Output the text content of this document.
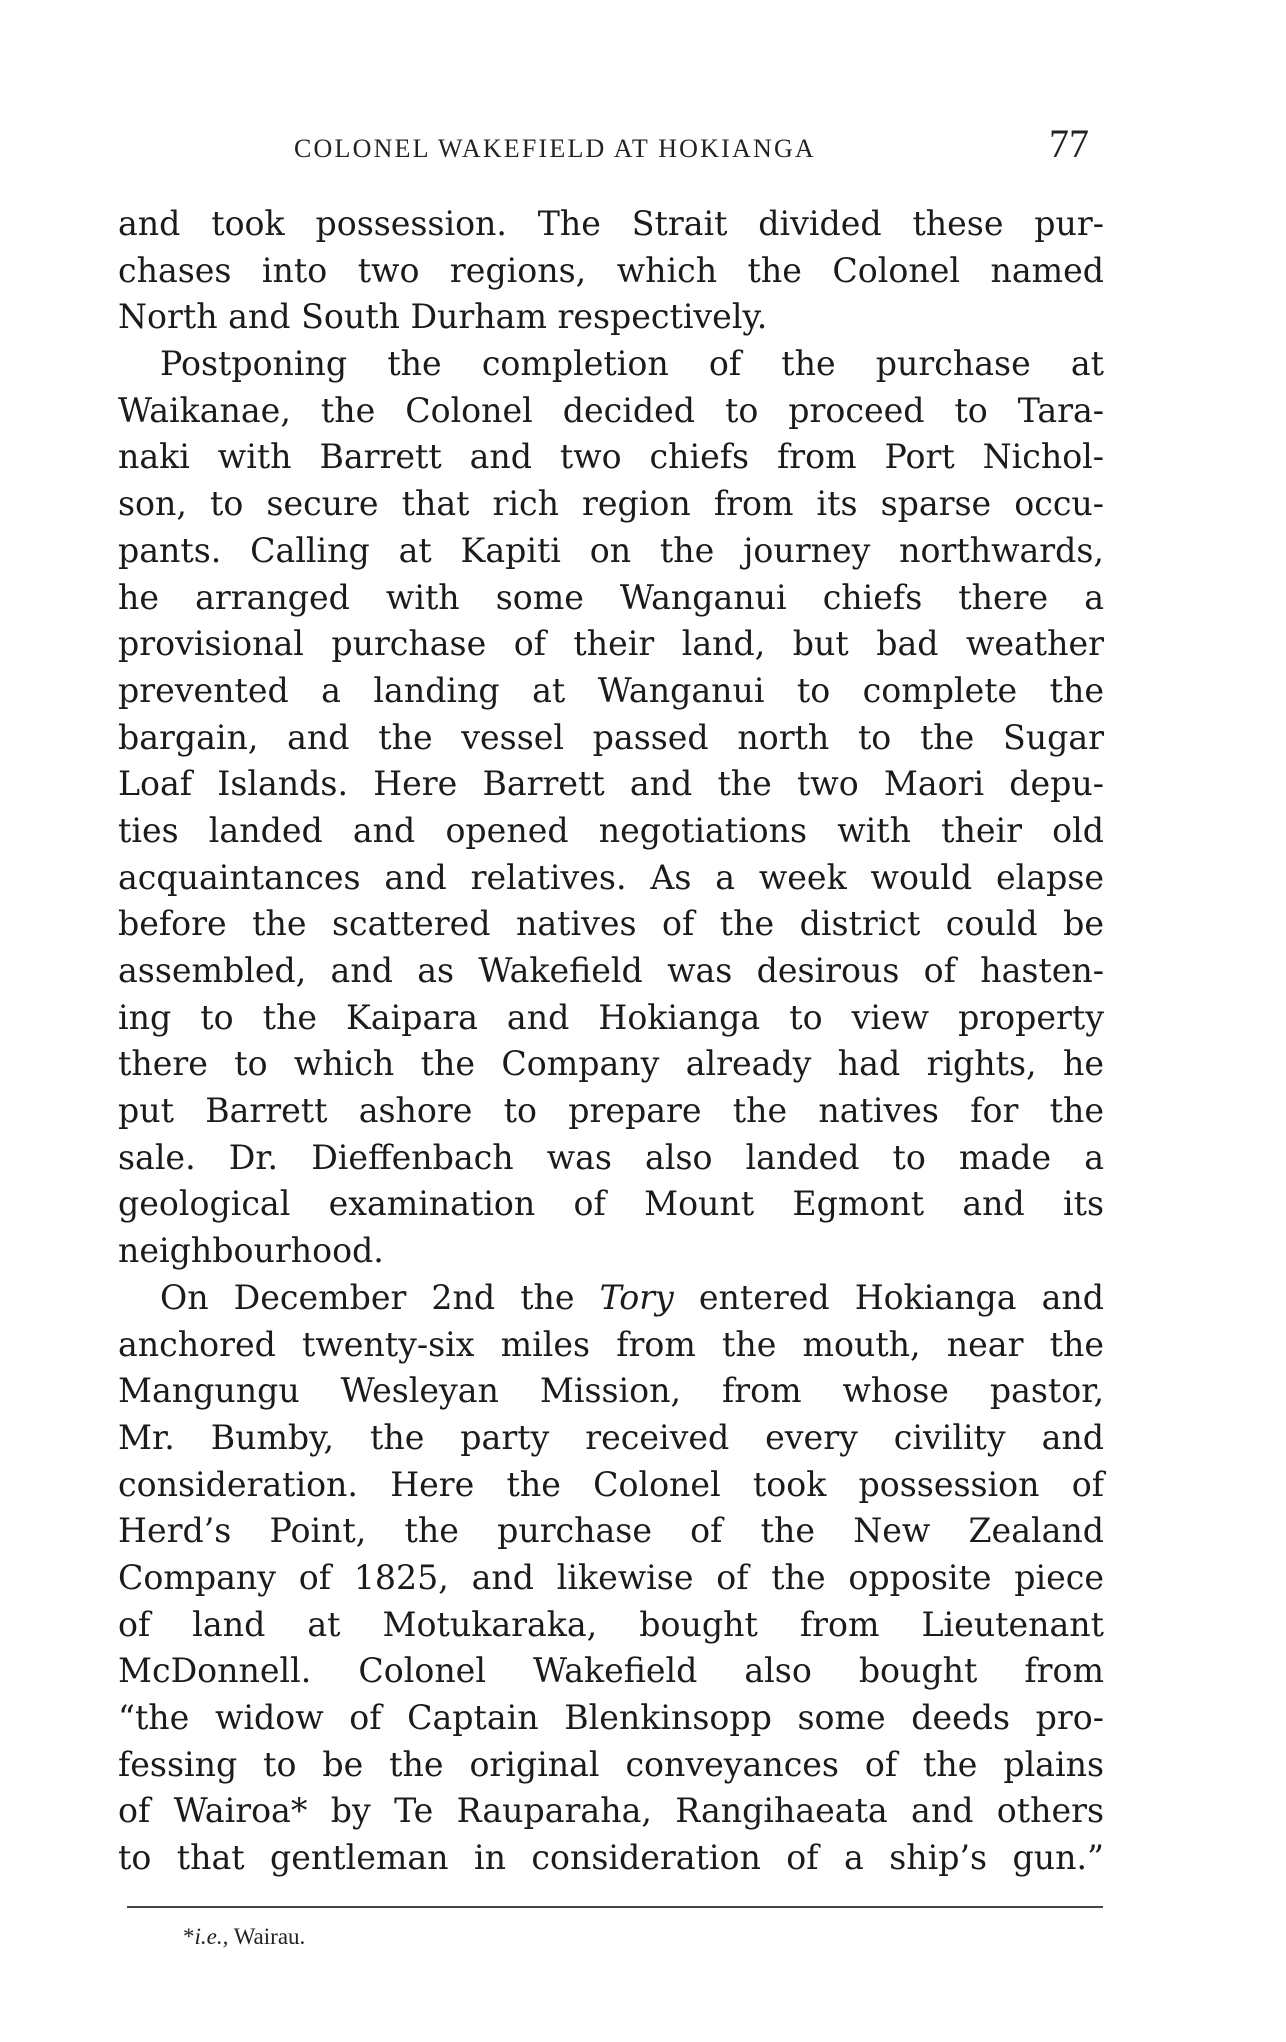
COLONEL WAKEFIELD AT HOKIANGA	77
and took possession. The Strait divided these pur-
chases into two regions, which the Colonel named
North and South Durham respectively.
Postponing the completion of the purchase at
Waikanae, the Colonel decided to proceed to Tara-
naki with Barrett and two chiefs from Port Nichol-
son, to secure that rich region from its sparse occu-
pants. Calling at Kapiti on the journey northwards,
he arranged with some Wanganui chiefs there a
provisional purchase of their land, but bad weather
prevented a landing at Wanganui to complete the
bargain, and the vessel passed north to the Sugar
Loaf Islands. Here Barrett and the two Maori depu-
ties landed and opened negotiations with their old
acquaintances and relatives. As a week would elapse
before the scattered natives of the district could be
assembled, and as Wakefield was desirous of hasten-
ing to the Kaipara and Hokianga to view property
there to which the Company already had rights, he
put Barrett ashore to prepare the natives for the
sale. Dr. Dieffenbach was also landed to made a
geological examination of Mount Egmont and its
neighbourhood.
On December 2nd the Tory entered Hokianga and
anchored twenty-six miles from the mouth, near the
Mangungu Wesleyan Mission, from whose pastor,
Mr. Bumby, the party received every civility and
consideration. Here the Colonel took possession of
Herd’s Point, the purchase of the New Zealand
Company of 1825, and likewise of the opposite piece
of land at Motukaraka, bought from Lieutenant
McDonnell. Colonel Wakefield also bought from
“the widow of Captain Blenkinsopp some deeds pro-
fessing to be the original conveyances of the plains
of Wairoa* by Te Rauparaha, Rangihaeata and others
to that gentleman in consideration of a ship’s gun.”
*i.e., Wairau.
